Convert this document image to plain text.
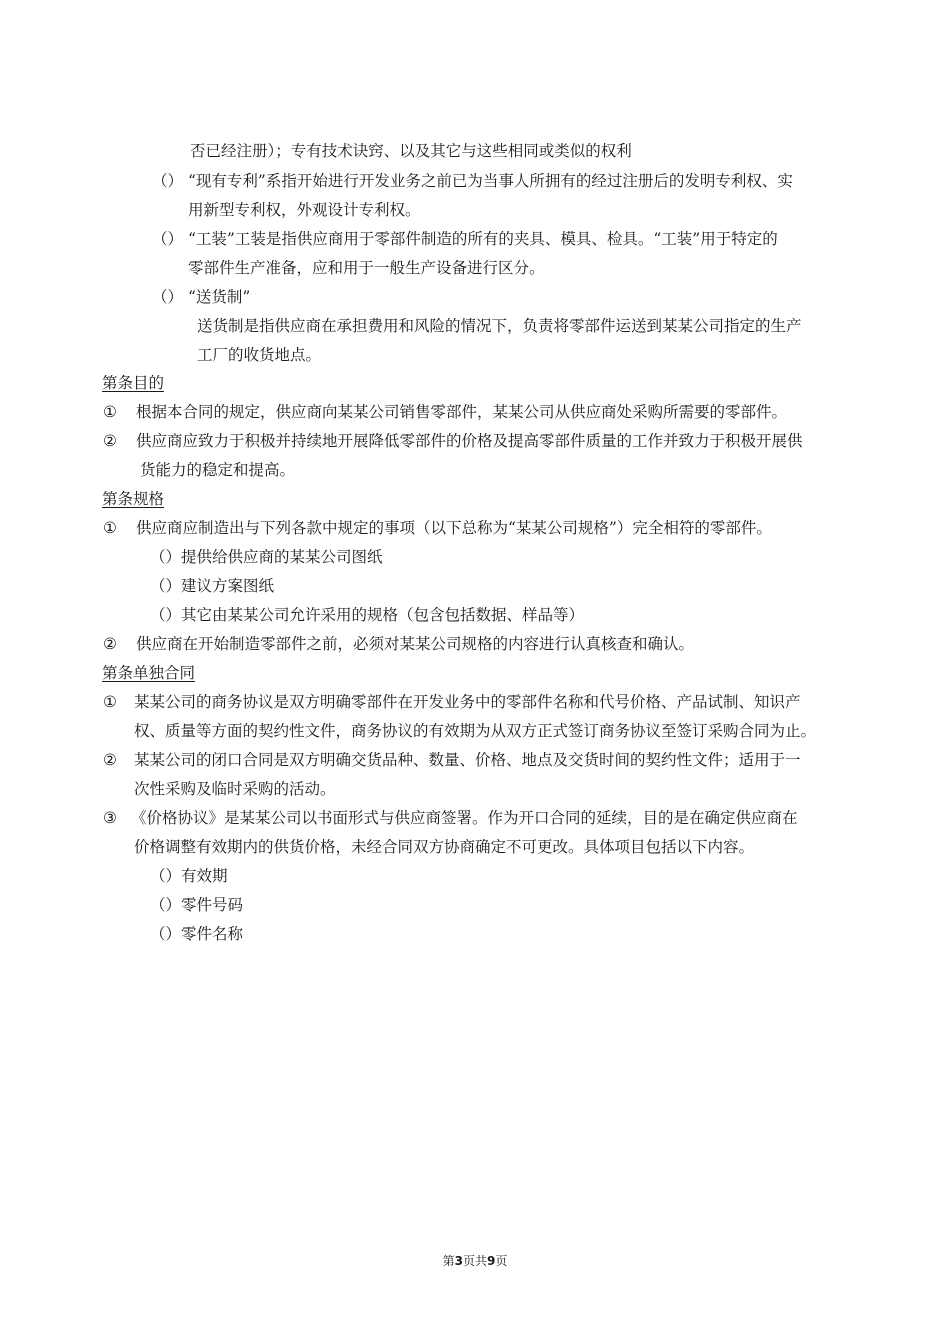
否已经注册）；专有技术诀窍、以及其它与这些相同或类似的权利
（） “现有专利”系指开始进行开发业务之前已为当事人所拥有的经过注册后的发明专利权、实
用新型专利权，外观设计专利权。
（） “工装”工装是指供应商用于零部件制造的所有的夹具、模具、检具。“工装”用于特定的
零部件生产准备，应和用于一般生产设备进行区分。
（） “送货制”
送货制是指供应商在承担费用和风险的情况下，负责将零部件运送到某某公司指定的生产
工厂的收货地点。
第条目的
①	根据本合同的规定，供应商向某某公司销售零部件，某某公司从供应商处采购所需要的零部件。
②	供应商应致力于积极并持续地开展降低零部件的价格及提高零部件质量的工作并致力于积极开展供
货能力的稳定和提高。
第条规格
①	供应商应制造出与下列各款中规定的事项（以下总称为“某某公司规格”）完全相符的零部件。
（） 提供给供应商的某某公司图纸
（） 建议方案图纸
（） 其它由某某公司允许采用的规格（包含包括数据、样品等）
②	供应商在开始制造零部件之前，必须对某某公司规格的内容进行认真核查和确认。
第条单独合同
①	某某公司的商务协议是双方明确零部件在开发业务中的零部件名称和代号价格、产品试制、知识产
权、质量等方面的契约性文件，商务协议的有效期为从双方正式签订商务协议至签订采购合同为止。
②	某某公司的闭口合同是双方明确交货品种、数量、价格、地点及交货时间的契约性文件；适用于一
次性采购及临时采购的活动。
③ 《价格协议》是某某公司以书面形式与供应商签署。作为开口合同的延续，目的是在确定供应商在
价格调整有效期内的供货价格，未经合同双方协商确定不可更改。具体项目包括以下内容。
（） 有效期
（） 零件号码
（） 零件名称
第3页共9页
